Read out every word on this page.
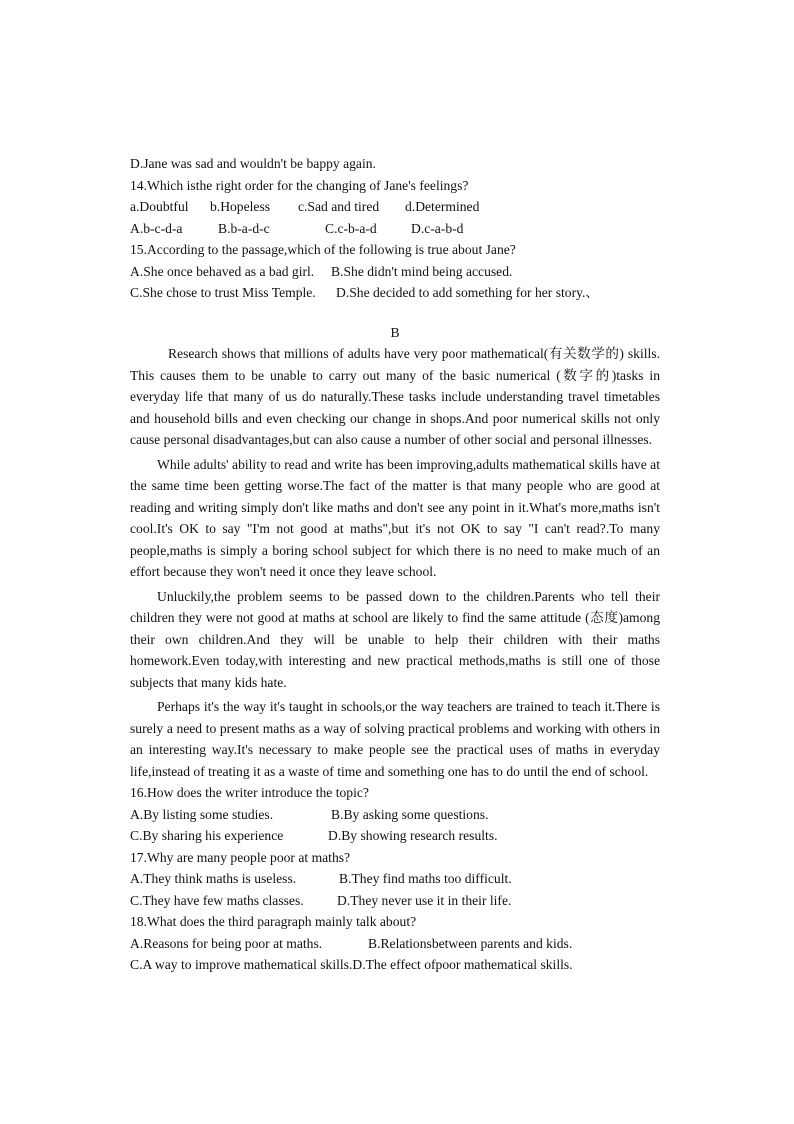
D.Jane was sad and wouldn't be bappy again.
14.Which isthe right order for the changing of Jane's feelings?
a.Doubtful	b.Hopeless	c.Sad and tired	d.Determined
A.b-c-d-a	B.b-a-d-c	C.c-b-a-d	D.c-a-b-d
15.According to the passage,which of the following is true about Jane?
A.She once behaved as a bad girl.	B.She didn't mind being accused.
C.She chose to trust Miss Temple.	D.She decided to add something for her story.、
B

Research shows that millions of adults have very poor mathematical(有关数学的) skills. This causes them to be unable to carry out many of the basic numerical (数字的)tasks in everyday life that many of us do naturally.These tasks include understanding travel timetables and household bills and even checking our change in shops.And poor numerical skills not only cause personal disadvantages,but can also cause a number of other social and personal illnesses.

While adults' ability to read and write has been improving,adults mathematical skills have at the same time been getting worse.The fact of the matter is that many people who are good at reading and writing simply don't like maths and don't see any point in it.What's more,maths isn't cool.It's OK to say "I'm not good at maths",but it's not OK to say "I can't read?.To many people,maths is simply a boring school subject for which there is no need to make much of an effort because they won't need it once they leave school.

Unluckily,the problem seems to be passed down to the children.Parents who tell their children they were not good at maths at school are likely to find the same attitude (态度)among their own children.And they will be unable to help their children with their maths homework.Even today,with interesting and new practical methods,maths is still one of those subjects that many kids hate.

Perhaps it's the way it's taught in schools,or the way teachers are trained to teach it.There is surely a need to present maths as a way of solving practical problems and working with others in an interesting way.It's necessary to make people see the practical uses of maths in everyday life,instead of treating it as a waste of time and something one has to do until the end of school.

16.How does the writer introduce the topic?
A.By listing some studies.	B.By asking some questions.
C.By sharing his experience	D.By showing research results.
17.Why are many people poor at maths?
A.They think maths is useless.	B.They find maths too difficult.
C.They have few maths classes.	D.They never use it in their life.
18.What does the third paragraph mainly talk about?
A.Reasons for being poor at maths.	B.Relationsbetween parents and kids.
C.A way to improve mathematical skills. D.The effect ofpoor mathematical skills.
